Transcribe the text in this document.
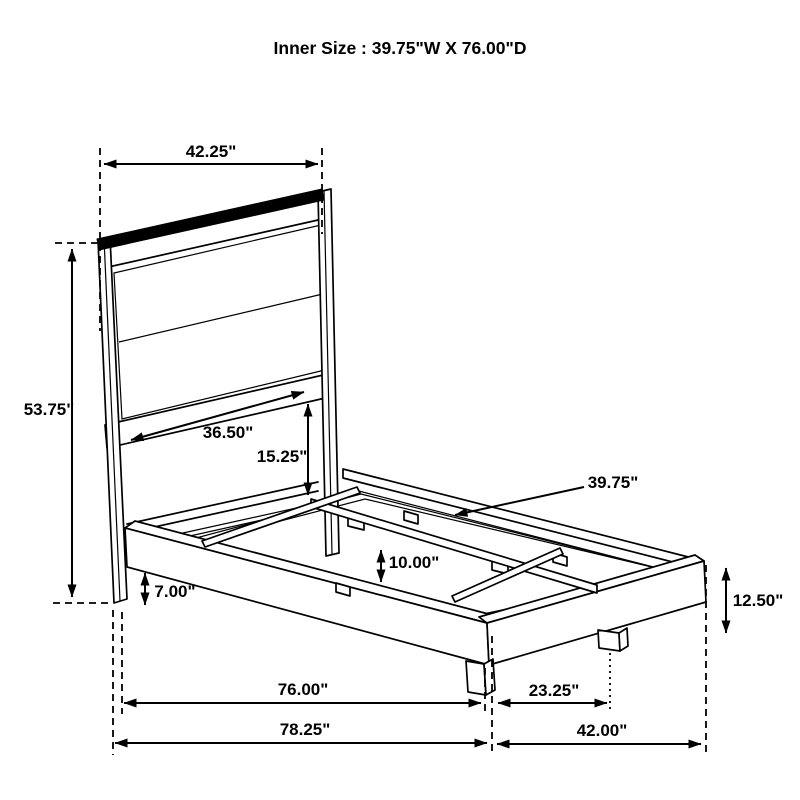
Inner Size : 39.75"W X 76.00"D
42.25"
53.75"
36.50"
15.25"
39.75"
10.00"
7.00"	12.50"
76.00"
78.25"
23.25"
42.00"
